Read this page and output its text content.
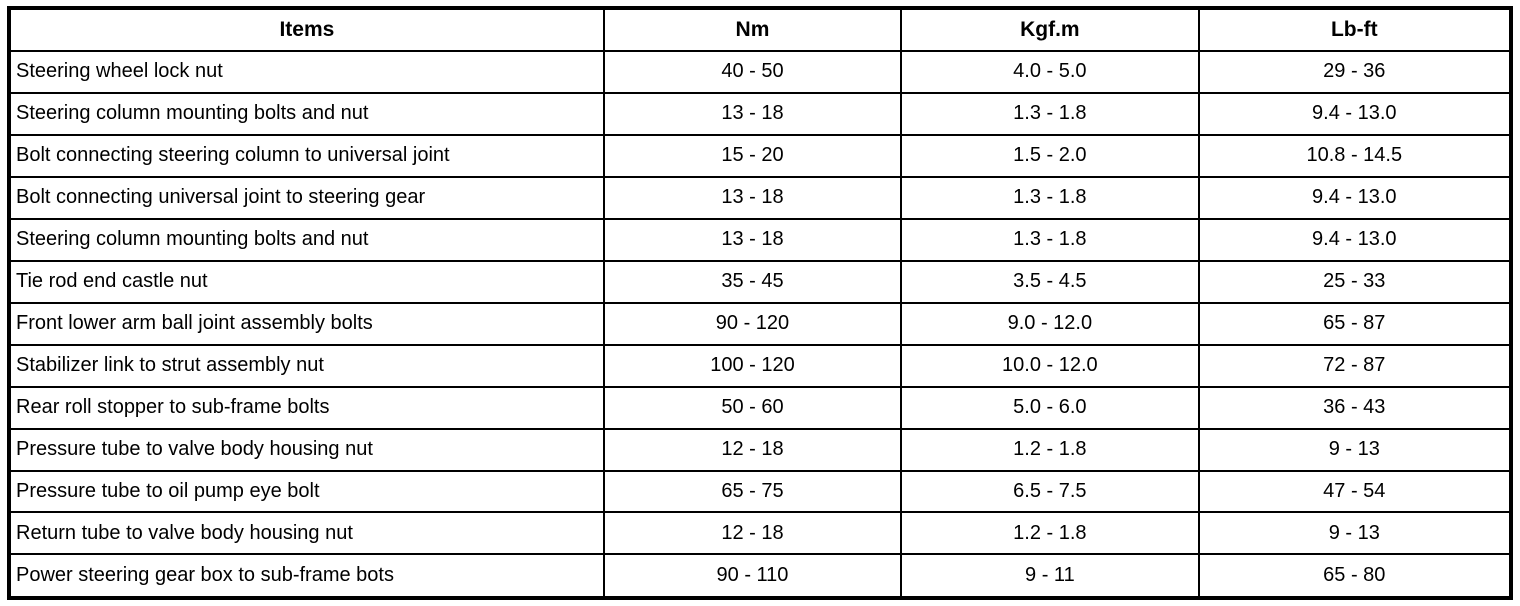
Items	Nm	Kgf.m	Lb-ft
Steering wheel lock nut	40 - 50	4.0 - 5.0	29 - 36
Steering column mounting bolts and nut	13 - 18	1.3 - 1.8	9.4 - 13.0
Bolt connecting steering column to universal joint	15 - 20	1.5 - 2.0	10.8 - 14.5
Bolt connecting universal joint to steering gear	13 - 18	1.3 - 1.8	9.4 - 13.0
Steering column mounting bolts and nut	13 - 18	1.3 - 1.8	9.4 - 13.0
Tie rod end castle nut	35 - 45	3.5 - 4.5	25 - 33
Front lower arm ball joint assembly bolts	90 - 120	9.0 - 12.0	65 - 87
Stabilizer link to strut assembly nut	100 - 120	10.0 - 12.0	72 - 87
Rear roll stopper to sub-frame bolts	50 - 60	5.0 - 6.0	36 - 43
Pressure tube to valve body housing nut	12 - 18	1.2 - 1.8	9 - 13
Pressure tube to oil pump eye bolt	65 - 75	6.5 - 7.5	47 - 54
Return tube to valve body housing nut	12 - 18	1.2 - 1.8	9 - 13
Power steering gear box to sub-frame bots	90 - 110	9 - 11	65 - 80
